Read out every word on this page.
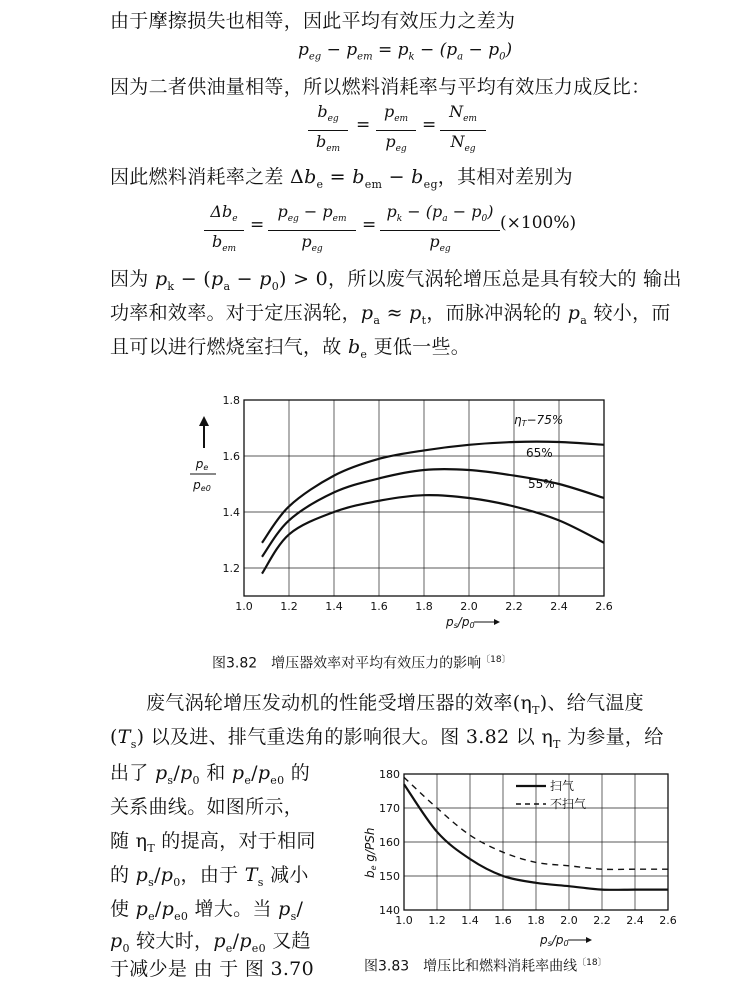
由于摩擦损失也相等，因此平均有效压力之差为
$p_{eg} - p_{em} = p_k - (p_a - p_0)$
因为二者供油量相等，所以燃料消耗率与平均有效压力成反比：
$b_{eg}$
$b_{em}$
=
$p_{em}$
$p_{eg}$
=
$N_{em}$
$N_{eg}$
因此燃料消耗率之差 $\Delta b_e = b_{em} - b_{eg}$，其相对差别为
$\Delta b_e$
$b_{em}$
=
$p_{eg} - p_{em}$
$p_{eg}$
=
$p_k - (p_a - p_0)$
$p_{eg}$
(×100%)
因为 $p_k - (p_a - p_0) > 0$，所以废气涡轮增压总是具有较大的 输出
功率和效率。对于定压涡轮，$p_a \approx p_t$，而脉冲涡轮的 $p_a$ 较小，而
且可以进行燃烧室扫气，故 $b_e$ 更低一些。
1.0	1.2	1.4	1.6	1.8	2.0	2.2	2.4	2.6
1.2
1.4
1.6
1.8
pe
pe0
ps/p0
ηT−75%
65%
55%
图3.82　增压器效率对平均有效压力的影响$^{〔18〕}$
废气涡轮增压发动机的性能受增压器的效率$(\eta_T)$、给气温度
$(T_s)$ 以及进、排气重迭角的影响很大。图 3.82 以 $\eta_T$ 为参量，给
出了 $p_s/p_0$ 和 $p_e/p_{e0}$ 的
关系曲线。如图所示，
随 $\eta_T$ 的提高，对于相同
的 $p_s/p_0$，由于 $T_s$ 减小
使 $p_e/p_{e0}$ 增大。当 $p_s/$
$p_0$ 较大时，$p_e/p_{e0}$ 又趋
于减少是 由 于 图 3.70
1.0 1.2 1.4 1.6 1.8 2.0 2.2 2.4 2.6
140
150
160
170
180
be g/PSh
ps/p0
扫气
不扫气
图3.83　增压比和燃料消耗率曲线$^{〔18〕}$
